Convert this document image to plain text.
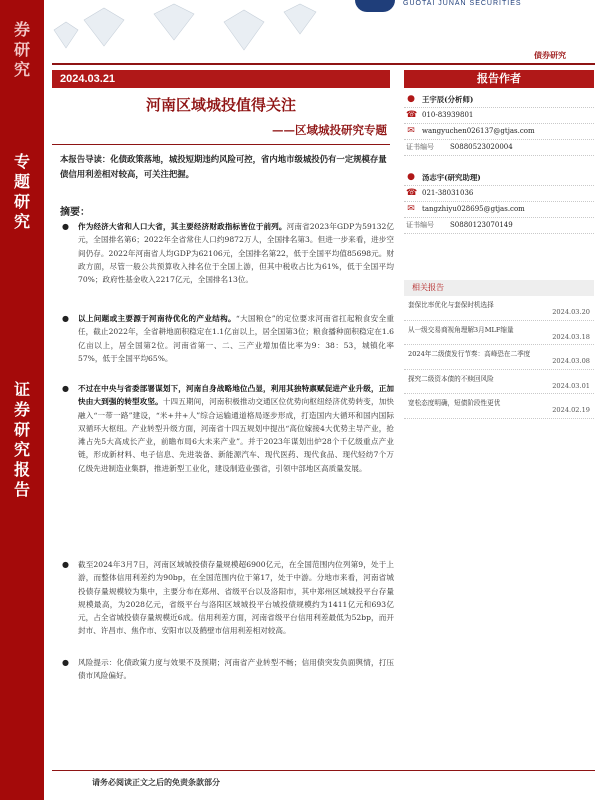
券
研
究
专
题
研
究
证
券
研
究
报
告
GUOTAI JUNAN SECURITIES
债券研究
2024.03.21
河南区域城投值得关注
——区域城投研究专题
本报告导读：化债政策落地，城投短期违约风险可控，省内地市级城投仍有一定规模存量债信用利差相对较高，可关注把握。
摘要：
● 作为经济大省和人口大省，其主要经济财政指标皆位于前列。河南省2023年GDP为59132亿元，全国排名第6；2022年全省常住人口约9872万人，全国排名第3。但进一步来看，进步空间仍存。2022年河南省人均GDP为62106元，全国排名第22，低于全国平均值85698元。财政方面，尽管一般公共预算收入排名位于全国上游，但其中税收占比为61%，低于全国平均70%；政府性基金收入2217亿元，全国排名13位。
● 以上问题或主要源于河南待优化的产业结构。“大国粮仓”的定位要求河南省扛起粮食安全重任，截止2022年，全省耕地面积稳定在1.1亿亩以上，居全国第3位；粮食播种面积稳定在1.6亿亩以上，居全国第2位。河南省第一、二、三产业增加值比率为9：38：53，城镇化率57%，低于全国平均65%。
● 不过在中央与省委部署谋划下，河南自身战略地位凸显，利用其独特禀赋促进产业升级，正加快由大到强的转型攻坚。十四五期间，河南积极推动交通区位优势向枢纽经济优势转变，加快融入“一带一路”建设，“米+井+人”综合运输通道格局逐步形成，打造国内大循环和国内国际双循环大枢纽。产业转型升级方面，河南省十四五规划中提出“高位嫁接4大优势主导产业，抢滩占先5大高成长产业，前瞻布局6大未来产业”。并于2023年谋划出炉28个千亿级重点产业链，形成新材料、电子信息、先进装备、新能源汽车、现代医药、现代食品、现代轻纺7个万亿级先进制造业集群，推进新型工业化，建设制造业强省，引领中部地区高质量发展。
● 截至2024年3月7日，河南区域城投债存量规模超6900亿元，在全国范围内位列第9，处于上游，而整体信用利差约为90bp，在全国范围内位于第17，处于中游。分地市来看，河南省城投债存量规模较为集中，主要分布在郑州、省级平台以及洛阳市，其中郑州区域城投平台存量规模最高，为2028亿元，省级平台与洛阳区域城投平台城投债规模约为1411亿元和693亿元，占全省城投债存量规模近6成。信用利差方面，河南省级平台信用利差最低为52bp，而开封市、许昌市、焦作市、安阳市以及鹤壁市信用利差相对较高。
● 风险提示：化债政策力度与效果不及预期；河南省产业转型不畅；信用债突发负面舆情，打压债市风险偏好。
报告作者
● 王宇辰(分析师)
☎ 010-83939801
✉ wangyuchen026137@gtjas.com
证书编号 S0880523020004
● 汤志宇(研究助理)
☎ 021-38031036
✉ tangzhiyu028695@gtjas.com
证书编号 S0880123070149
相关报告
套保比率优化与套保时机选择
2024.03.20
从一级交易商视角理解3月MLF缩量
2024.03.18
2024年二级债发行节奏：高峰恐在二季度
2024.03.08
探究二级资本债的不赎回风险
2024.03.01
宽松态度明确，短债阶段性更优
2024.02.19
请务必阅读正文之后的免责条款部分
